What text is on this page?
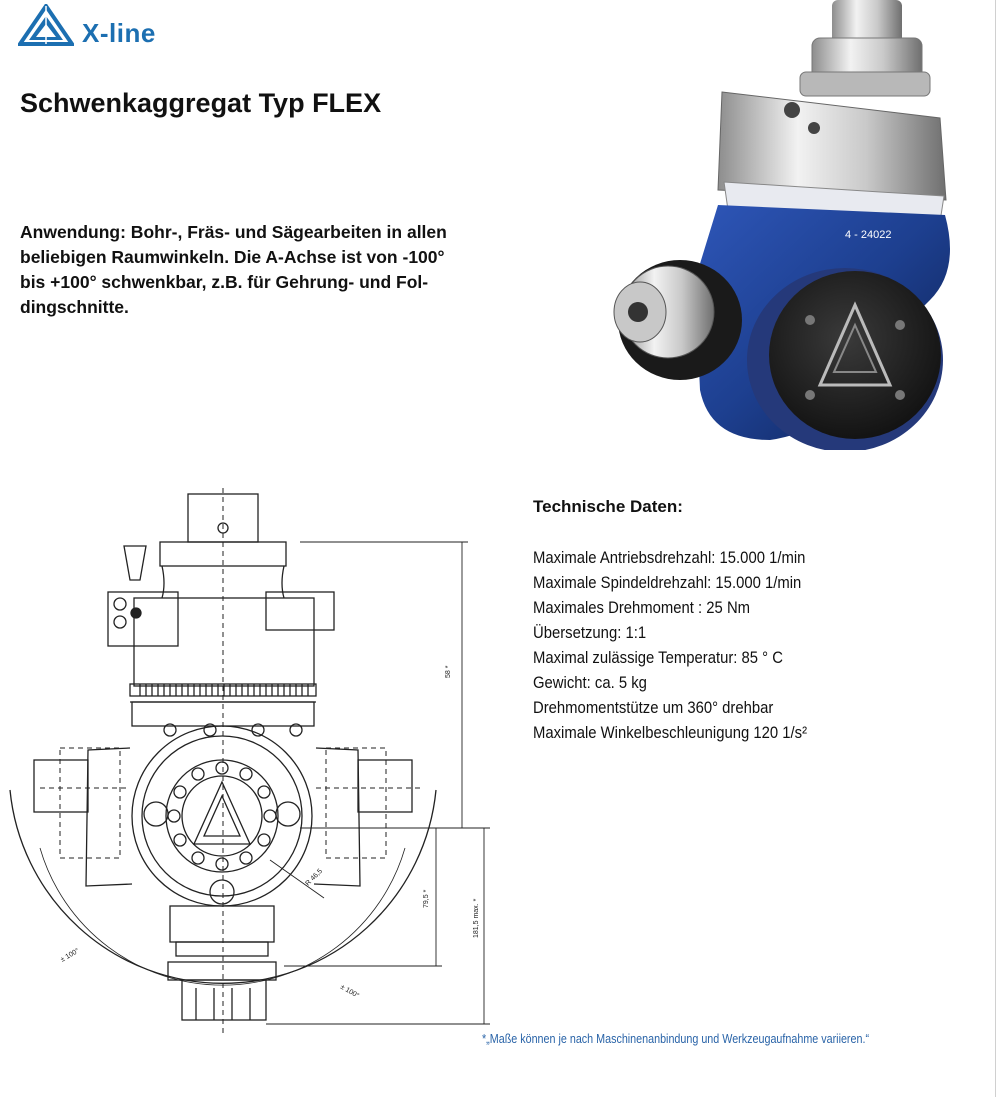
X-line
Schwenkaggregat Typ FLEX

Anwendung: Bohr-, Fräs- und Sägearbeiten in allen
beliebigen Raumwinkeln. Die A-Achse ist von -100°
bis +100° schwenkbar, z.B. für Gehrung- und Fol-
dingschnitte.

4 - 24022
58 *
79,5 *	181,5 max. *
R 46,5
± 100°
± 100°
Technische Daten:
Maximale Antriebsdrehzahl: 15.000 1/min
Maximale Spindeldrehzahl: 15.000 1/min
Maximales Drehmoment : 25 Nm
Übersetzung: 1:1
Maximal zulässige Temperatur: 85 ° C
Gewicht: ca. 5 kg
Drehmomentstütze um 360° drehbar
Maximale Winkelbeschleunigung 120 1/s²

*„Maße können je nach Maschinenanbindung und Werkzeugaufnahme variieren.“
